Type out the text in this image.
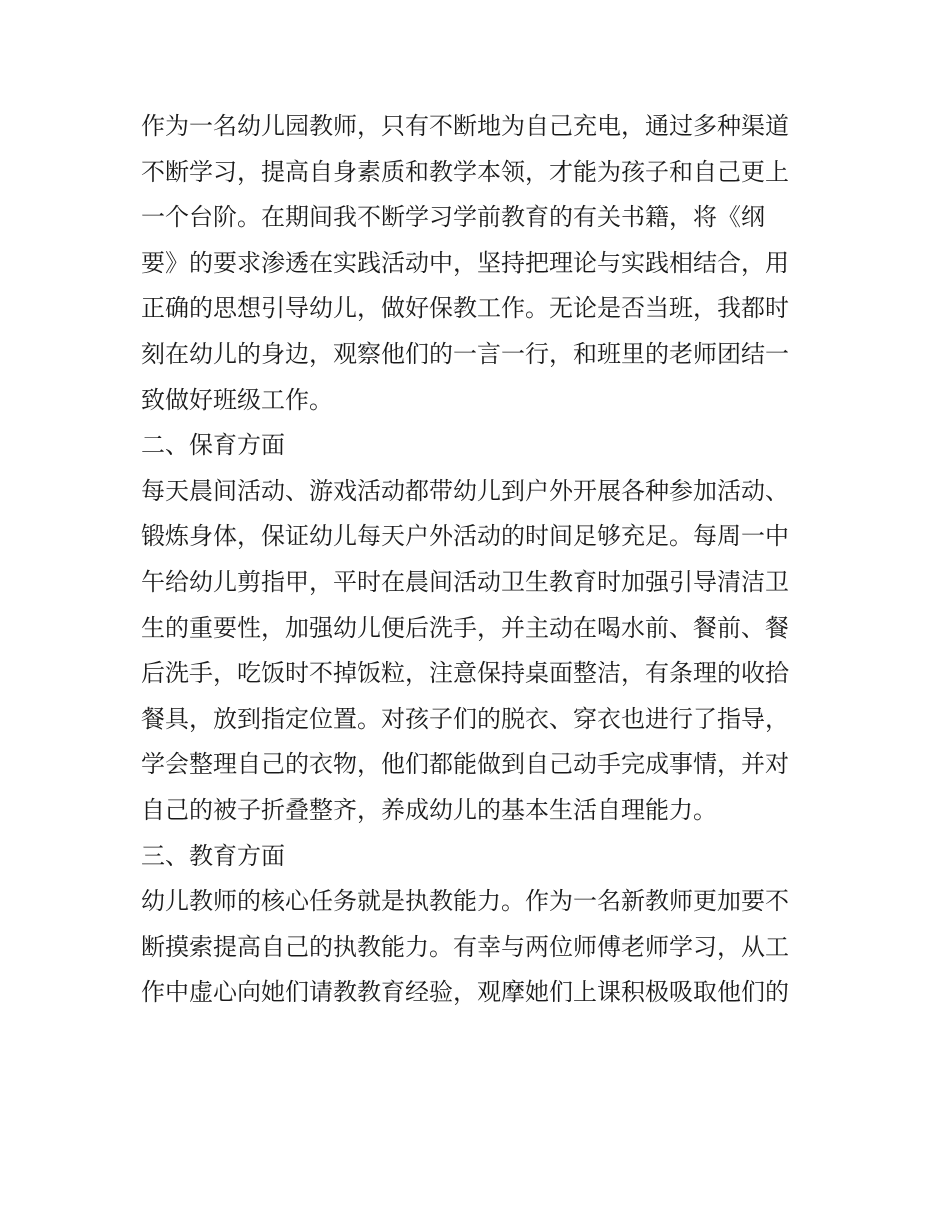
作为一名幼儿园教师，只有不断地为自己充电，通过多种渠道
不断学习，提高自身素质和教学本领，才能为孩子和自己更上
一个台阶。在期间我不断学习学前教育的有关书籍，将《纲
要》的要求渗透在实践活动中，坚持把理论与实践相结合，用
正确的思想引导幼儿，做好保教工作。无论是否当班，我都时
刻在幼儿的身边，观察他们的一言一行，和班里的老师团结一
致做好班级工作。
二、保育方面
每天晨间活动、游戏活动都带幼儿到户外开展各种参加活动、
锻炼身体，保证幼儿每天户外活动的时间足够充足。每周一中
午给幼儿剪指甲，平时在晨间活动卫生教育时加强引导清洁卫
生的重要性，加强幼儿便后洗手，并主动在喝水前、餐前、餐
后洗手，吃饭时不掉饭粒，注意保持桌面整洁，有条理的收拾
餐具，放到指定位置。对孩子们的脱衣、穿衣也进行了指导，
学会整理自己的衣物，他们都能做到自己动手完成事情，并对
自己的被子折叠整齐，养成幼儿的基本生活自理能力。
三、教育方面
幼儿教师的核心任务就是执教能力。作为一名新教师更加要不
断摸索提高自己的执教能力。有幸与两位师傅老师学习，从工
作中虚心向她们请教教育经验，观摩她们上课积极吸取他们的
